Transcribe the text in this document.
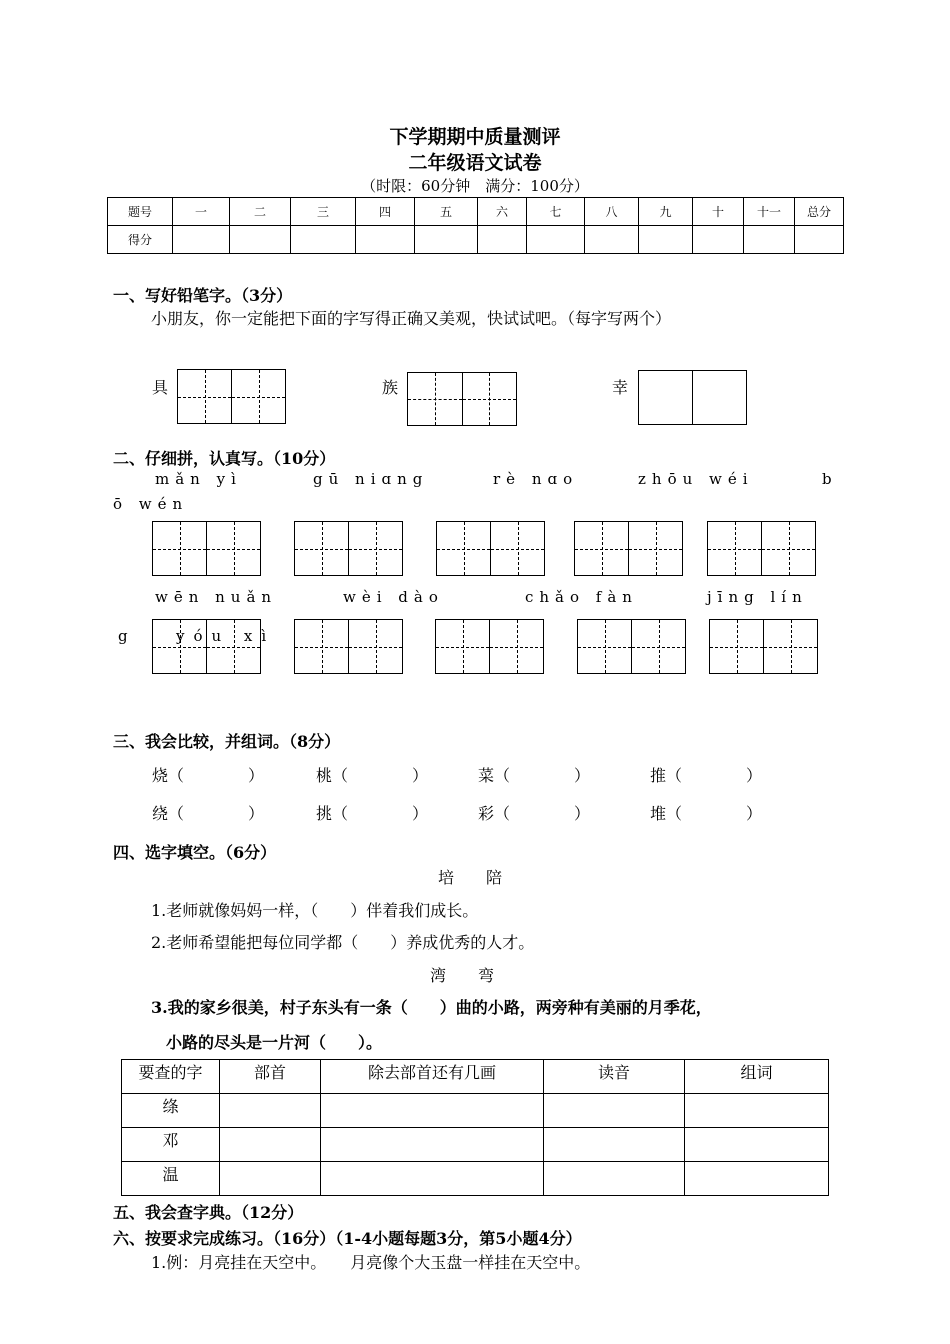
下学期期中质量测评
二年级语文试卷
（时限：60分钟　满分：100分）
题号	一	二	三	四	五	六	七	八	九	十	十一	总分
得分												
一、写好铅笔字。（3分）
小朋友，你一定能把下面的字写得正确又美观，快试试吧。（每字写两个）
具	族	幸
二、仔细拼，认真写。（10分）
mǎn yì	gū niɑng	rè nɑo	zhōu wéi	b
ō wén
wēn nuǎn	wèi dào	chǎo fàn	jīng lín
g	yóu xì
三、我会比较，并组词。（8分）
烧（　　　　）	桃（　　　　）	菜（　　　　）	推（　　　　）
绕（　　　　）	挑（　　　　）	彩（　　　　）	堆（　　　　）
四、选字填空。（6分）
培　　陪
1.老师就像妈妈一样，（　　）伴着我们成长。
2.老师希望能把每位同学都（　　）养成优秀的人才。
湾　　弯
3.我的家乡很美，村子东头有一条（　　）曲的小路，两旁种有美丽的月季花，
小路的尽头是一片河（　　）。
要查的字	部首	除去部首还有几画	读音	组词
绦				
邓				
温				
五、我会查字典。（12分）
六、按要求完成练习。（16分）（1-4小题每题3分，第5小题4分）
1.例：月亮挂在天空中。　　月亮像个大玉盘一样挂在天空中。
